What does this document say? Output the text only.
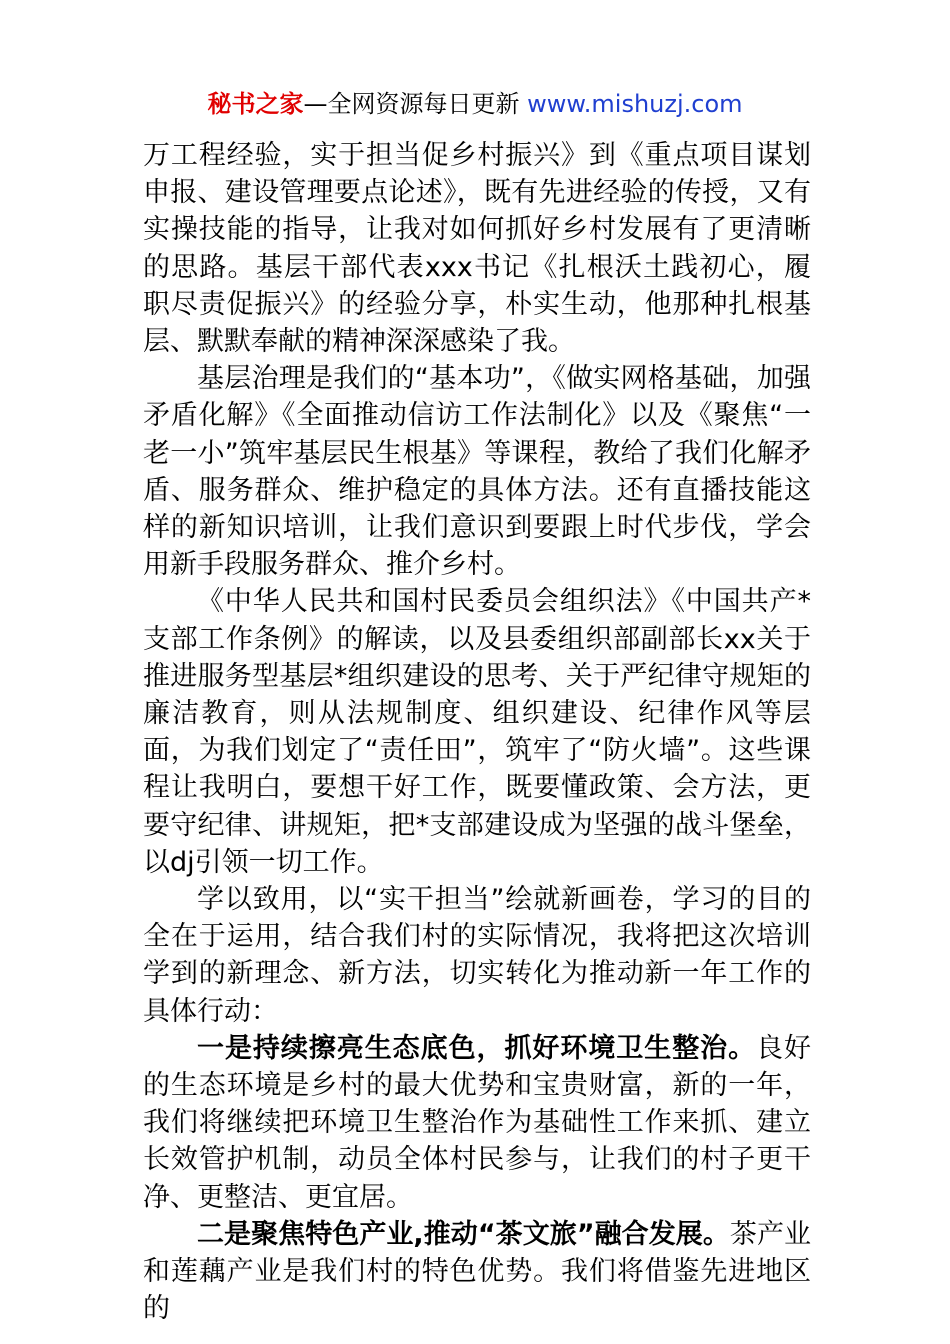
秘书之家—全网资源每日更新 www.mishuzj.com

万工程经验，实于担当促乡村振兴》到《重点项目谋划申报、建设管理要点论述》，既有先进经验的传授，又有实操技能的指导，让我对如何抓好乡村发展有了更清晰的思路。基层干部代表xxx书记《扎根沃土践初心，履职尽责促振兴》的经验分享，朴实生动，他那种扎根基层、默默奉献的精神深深感染了我。

基层治理是我们的“基本功”，《做实网格基础，加强矛盾化解》《全面推动信访工作法制化》以及《聚焦“一老一小”筑牢基层民生根基》等课程，教给了我们化解矛盾、服务群众、维护稳定的具体方法。还有直播技能这样的新知识培训，让我们意识到要跟上时代步伐，学会用新手段服务群众、推介乡村。

《中华人民共和国村民委员会组织法》《中国共产*支部工作条例》的解读，以及县委组织部副部长xx关于推进服务型基层*组织建设的思考、关于严纪律守规矩的廉洁教育，则从法规制度、组织建设、纪律作风等层面，为我们划定了“责任田”，筑牢了“防火墙”。这些课程让我明白，要想干好工作，既要懂政策、会方法，更要守纪律、讲规矩，把*支部建设成为坚强的战斗堡垒，以dj引领一切工作。

学以致用，以“实干担当”绘就新画卷，学习的目的全在于运用，结合我们村的实际情况，我将把这次培训学到的新理念、新方法，切实转化为推动新一年工作的具体行动：

一是持续擦亮生态底色，抓好环境卫生整治。良好的生态环境是乡村的最大优势和宝贵财富，新的一年，我们将继续把环境卫生整治作为基础性工作来抓、建立长效管护机制，动员全体村民参与，让我们的村子更干净、更整洁、更宜居。

二是聚焦特色产业,推动“茶文旅”融合发展。茶产业和莲藕产业是我们村的特色优势。我们将借鉴先进地区的
